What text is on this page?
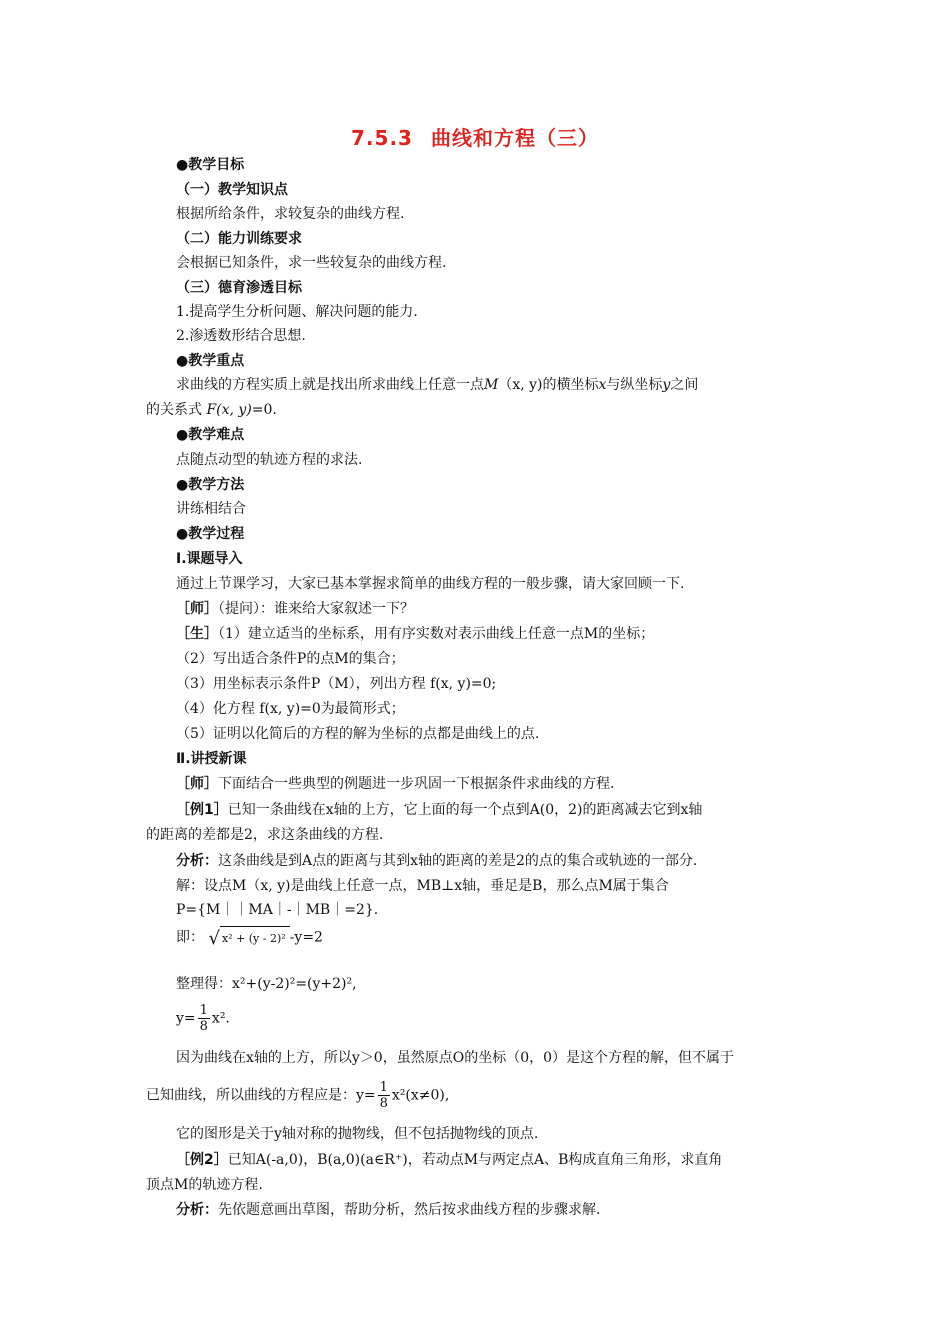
7.5.3 曲线和方程（三）
●教学目标
（一）教学知识点
根据所给条件，求较复杂的曲线方程.
（二）能力训练要求
会根据已知条件，求一些较复杂的曲线方程.
（三）德育渗透目标
1.提高学生分析问题、解决问题的能力.
2.渗透数形结合思想.
●教学重点
求曲线的方程实质上就是找出所求曲线上任意一点M（x, y)的横坐标x与纵坐标y之间
的关系式 F(x, y)=0.
●教学难点
点随点动型的轨迹方程的求法.
●教学方法
讲练相结合
●教学过程
Ⅰ.课题导入
通过上节课学习，大家已基本掌握求简单的曲线方程的一般步骤，请大家回顾一下.
［师］（提问）：谁来给大家叙述一下？
［生］（1）建立适当的坐标系，用有序实数对表示曲线上任意一点M的坐标；
（2）写出适合条件P的点M的集合；
（3）用坐标表示条件P（M），列出方程 f(x, y)=0;
（4）化方程 f(x, y)=0为最简形式；
（5）证明以化简后的方程的解为坐标的点都是曲线上的点.
Ⅱ.讲授新课
［师］下面结合一些典型的例题进一步巩固一下根据条件求曲线的方程.
［例1］已知一条曲线在x轴的上方，它上面的每一个点到A(0，2)的距离减去它到x轴
的距离的差都是2，求这条曲线的方程.
分析：这条曲线是到A点的距离与其到x轴的距离的差是2的点的集合或轨迹的一部分.
解：设点M（x, y)是曲线上任意一点，MB⊥x轴，垂足是B，那么点M属于集合
P={M｜｜MA｜-｜MB｜=2}.
即： √ x² + (y - 2)² -y=2
整理得：x²+(y-2)²=(y+2)²,
$y= \frac{1}{8} x^2$.
因为曲线在x轴的上方，所以y＞0，虽然原点O的坐标（0，0）是这个方程的解，但不属于
已知曲线，所以曲线的方程应是：$y= \frac{1}{8} x^2(x\ne 0)$,
它的图形是关于y轴对称的抛物线，但不包括抛物线的顶点.
［例2］已知A(-a,0)，B(a,0)(a∈R⁺)，若动点M与两定点A、B构成直角三角形，求直角
顶点M的轨迹方程.
分析：先依题意画出草图，帮助分析，然后按求曲线方程的步骤求解.
